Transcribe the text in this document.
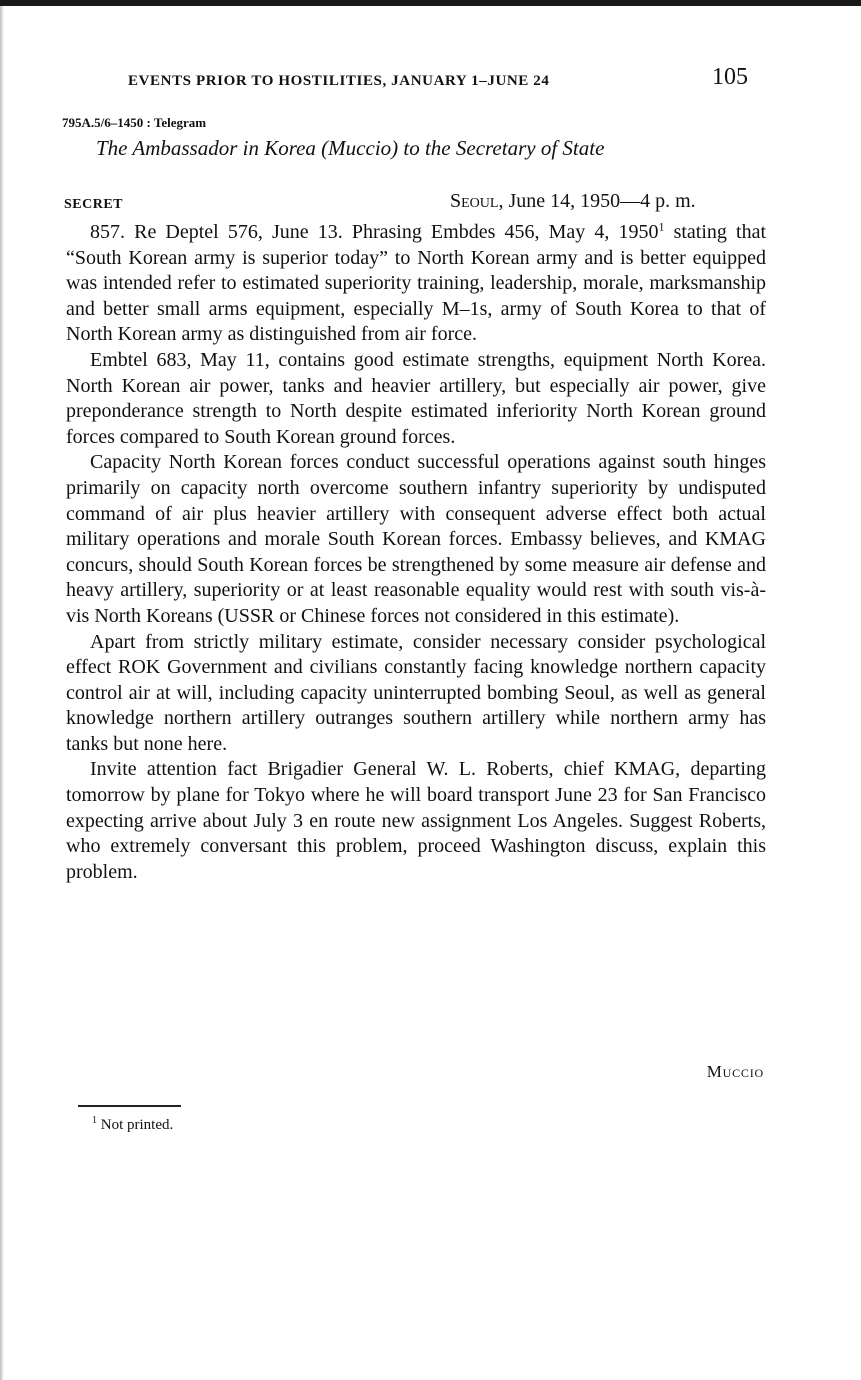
EVENTS PRIOR TO HOSTILITIES, JANUARY 1–JUNE 24	105
795A.5/6–1450 : Telegram
The Ambassador in Korea (Muccio) to the Secretary of State
SECRET	Seoul, June 14, 1950—4 p. m.

857. Re Deptel 576, June 13. Phrasing Embdes 456, May 4, 1950$^1$ stating that “South Korean army is superior today” to North Korean army and is better equipped was intended refer to estimated superiority training, leadership, morale, marksmanship and better small arms equipment, especially M–1s, army of South Korea to that of North Korean army as distinguished from air force.

Embtel 683, May 11, contains good estimate strengths, equipment North Korea. North Korean air power, tanks and heavier artillery, but especially air power, give preponderance strength to North despite estimated inferiority North Korean ground forces compared to South Korean ground forces.

Capacity North Korean forces conduct successful operations against south hinges primarily on capacity north overcome southern infantry superiority by undisputed command of air plus heavier artillery with consequent adverse effect both actual military operations and morale South Korean forces. Embassy believes, and KMAG concurs, should South Korean forces be strengthened by some measure air defense and heavy artillery, superiority or at least reasonable equality would rest with south vis-à-vis North Koreans (USSR or Chinese forces not considered in this estimate).

Apart from strictly military estimate, consider necessary consider psychological effect ROK Government and civilians constantly facing knowledge northern capacity control air at will, including capacity uninterrupted bombing Seoul, as well as general knowledge northern artillery outranges southern artillery while northern army has tanks but none here.

Invite attention fact Brigadier General W. L. Roberts, chief KMAG, departing tomorrow by plane for Tokyo where he will board transport June 23 for San Francisco expecting arrive about July 3 en route new assignment Los Angeles. Suggest Roberts, who extremely conversant this problem, proceed Washington discuss, explain this problem.

Muccio
$^1$ Not printed.
